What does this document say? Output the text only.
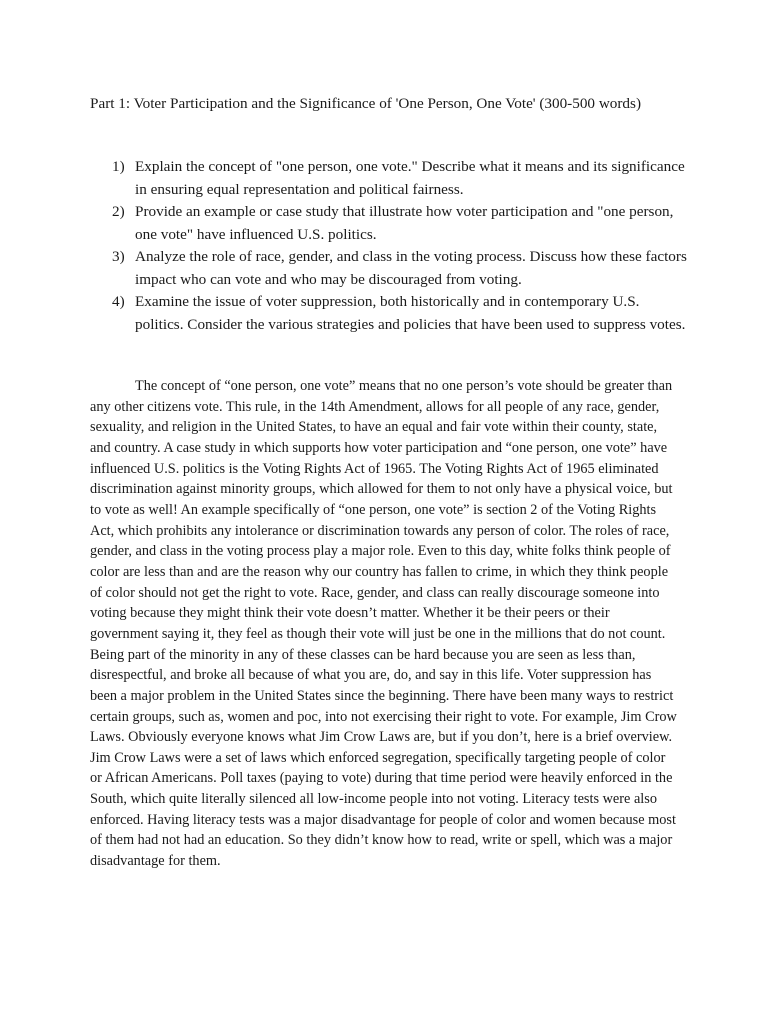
Part 1: Voter Participation and the Significance of 'One Person, One Vote' (300-500 words)

1) Explain the concept of "one person, one vote." Describe what it means and its significance in ensuring equal representation and political fairness.
2) Provide an example or case study that illustrate how voter participation and "one person, one vote" have influenced U.S. politics.
3) Analyze the role of race, gender, and class in the voting process. Discuss how these factors impact who can vote and who may be discouraged from voting.
4) Examine the issue of voter suppression, both historically and in contemporary U.S. politics. Consider the various strategies and policies that have been used to suppress votes.

The concept of “one person, one vote” means that no one person’s vote should be greater than any other citizens vote. This rule, in the 14th Amendment, allows for all people of any race, gender, sexuality, and religion in the United States, to have an equal and fair vote within their county, state, and country. A case study in which supports how voter participation and “one person, one vote” have influenced U.S. politics is the Voting Rights Act of 1965. The Voting Rights Act of 1965 eliminated discrimination against minority groups, which allowed for them to not only have a physical voice, but to vote as well! An example specifically of “one person, one vote” is section 2 of the Voting Rights Act, which prohibits any intolerance or discrimination towards any person of color. The roles of race, gender, and class in the voting process play a major role. Even to this day, white folks think people of color are less than and are the reason why our country has fallen to crime, in which they think people of color should not get the right to vote. Race, gender, and class can really discourage someone into voting because they might think their vote doesn’t matter. Whether it be their peers or their government saying it, they feel as though their vote will just be one in the millions that do not count. Being part of the minority in any of these classes can be hard because you are seen as less than, disrespectful, and broke all because of what you are, do, and say in this life. Voter suppression has been a major problem in the United States since the beginning. There have been many ways to restrict certain groups, such as, women and poc, into not exercising their right to vote. For example, Jim Crow Laws. Obviously everyone knows what Jim Crow Laws are, but if you don’t, here is a brief overview. Jim Crow Laws were a set of laws which enforced segregation, specifically targeting people of color or African Americans. Poll taxes (paying to vote) during that time period were heavily enforced in the South, which quite literally silenced all low-income people into not voting. Literacy tests were also enforced. Having literacy tests was a major disadvantage for people of color and women because most of them had not had an education. So they didn’t know how to read, write or spell, which was a major disadvantage for them.
